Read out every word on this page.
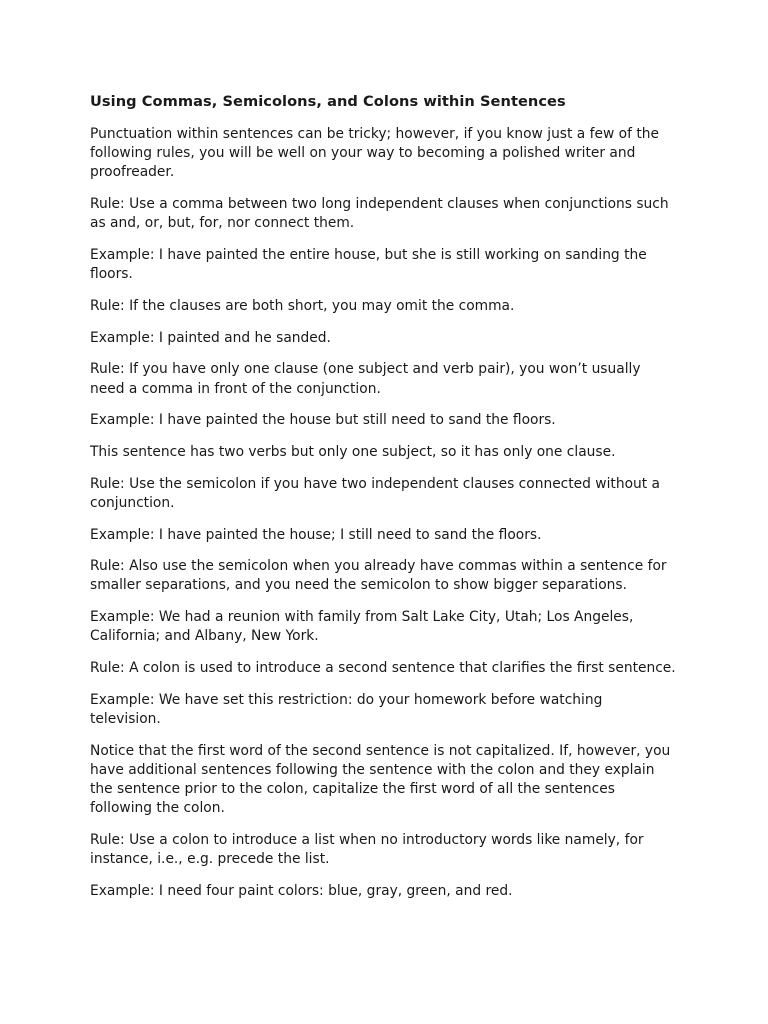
Using Commas, Semicolons, and Colons within Sentences

Punctuation within sentences can be tricky; however, if you know just a few of the
following rules, you will be well on your way to becoming a polished writer and
proofreader.

Rule: Use a comma between two long independent clauses when conjunctions such
as and, or, but, for, nor connect them.

Example: I have painted the entire house, but she is still working on sanding the
floors.

Rule: If the clauses are both short, you may omit the comma.

Example: I painted and he sanded.

Rule: If you have only one clause (one subject and verb pair), you won’t usually
need a comma in front of the conjunction.

Example: I have painted the house but still need to sand the floors.

This sentence has two verbs but only one subject, so it has only one clause.

Rule: Use the semicolon if you have two independent clauses connected without a
conjunction.

Example: I have painted the house; I still need to sand the floors.

Rule: Also use the semicolon when you already have commas within a sentence for
smaller separations, and you need the semicolon to show bigger separations.

Example: We had a reunion with family from Salt Lake City, Utah; Los Angeles,
California; and Albany, New York.

Rule: A colon is used to introduce a second sentence that clarifies the first sentence.

Example: We have set this restriction: do your homework before watching
television.

Notice that the first word of the second sentence is not capitalized. If, however, you
have additional sentences following the sentence with the colon and they explain
the sentence prior to the colon, capitalize the first word of all the sentences
following the colon.

Rule: Use a colon to introduce a list when no introductory words like namely, for
instance, i.e., e.g. precede the list.

Example: I need four paint colors: blue, gray, green, and red.
